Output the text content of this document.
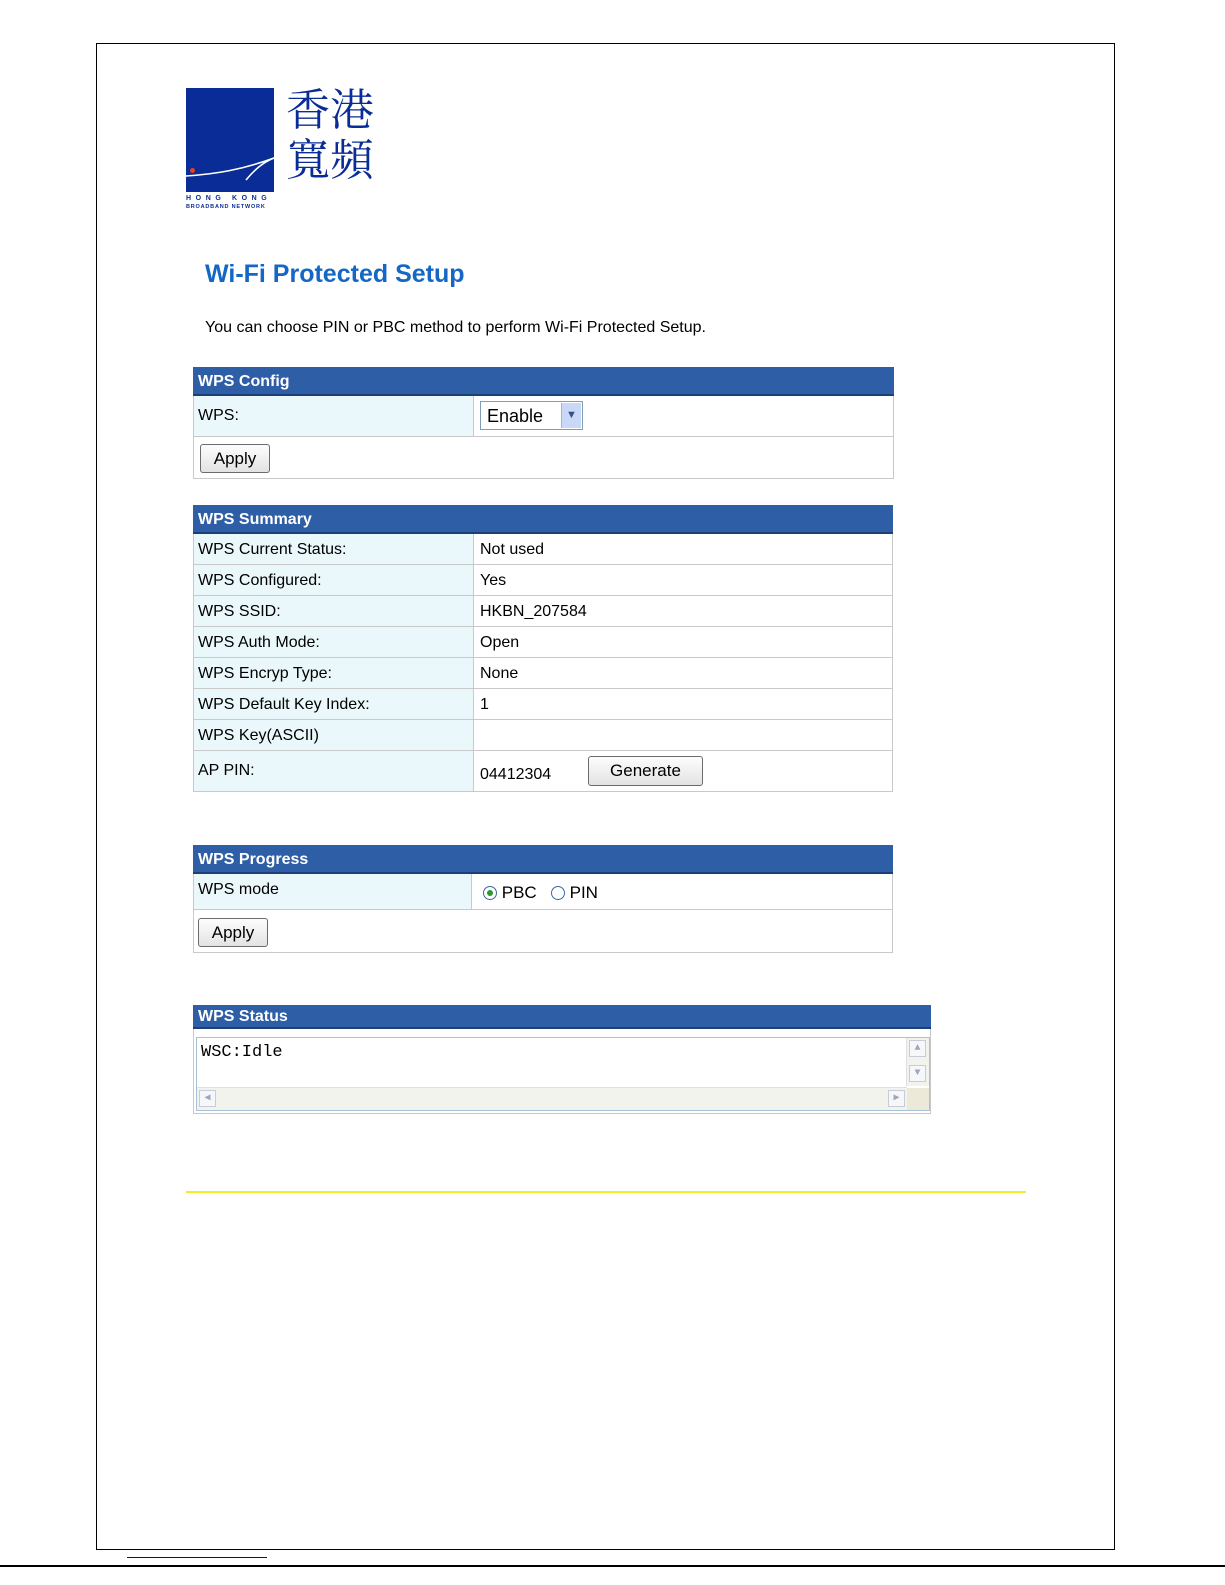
香港寬頻
HONG KONG
BROADBAND NETWORK
Wi-Fi Protected Setup
You can choose PIN or PBC method to perform Wi-Fi Protected Setup.
WPS Config
WPS:	Enable	▼
Apply
WPS Summary
WPS Current Status:	Not used
WPS Configured:	Yes
WPS SSID:	HKBN_207584
WPS Auth Mode:	Open
WPS Encryp Type:	None
WPS Default Key Index:	1
WPS Key(ASCII)
AP PIN:	04412304	Generate
WPS Progress
WPS mode	PBC PIN
Apply
WPS Status
WSC:Idle	▲
▼
◀	▶
